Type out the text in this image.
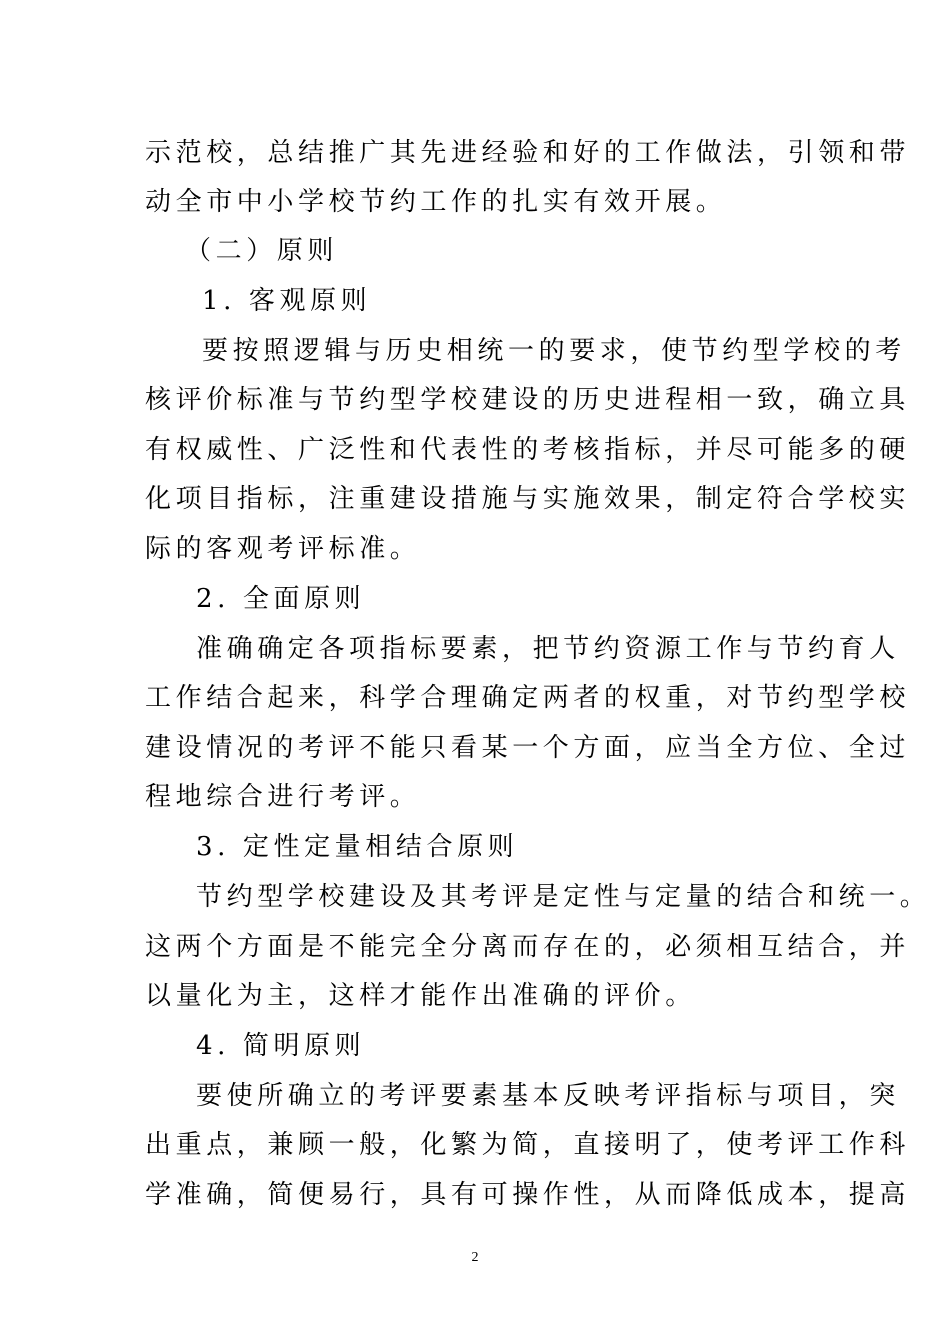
示范校，总结推广其先进经验和好的工作做法，引领和带
动全市中小学校节约工作的扎实有效开展。
（二）原则
1. 客观原则
要按照逻辑与历史相统一的要求，使节约型学校的考
核评价标准与节约型学校建设的历史进程相一致，确立具
有权威性、广泛性和代表性的考核指标，并尽可能多的硬
化项目指标，注重建设措施与实施效果，制定符合学校实
际的客观考评标准。
2. 全面原则
准确确定各项指标要素，把节约资源工作与节约育人
工作结合起来，科学合理确定两者的权重，对节约型学校
建设情况的考评不能只看某一个方面，应当全方位、全过
程地综合进行考评。
3. 定性定量相结合原则
节约型学校建设及其考评是定性与定量的结合和统一。
这两个方面是不能完全分离而存在的，必须相互结合，并
以量化为主，这样才能作出准确的评价。
4. 简明原则
要使所确立的考评要素基本反映考评指标与项目，突
出重点，兼顾一般，化繁为简，直接明了，使考评工作科
学准确，简便易行，具有可操作性，从而降低成本，提高
2
